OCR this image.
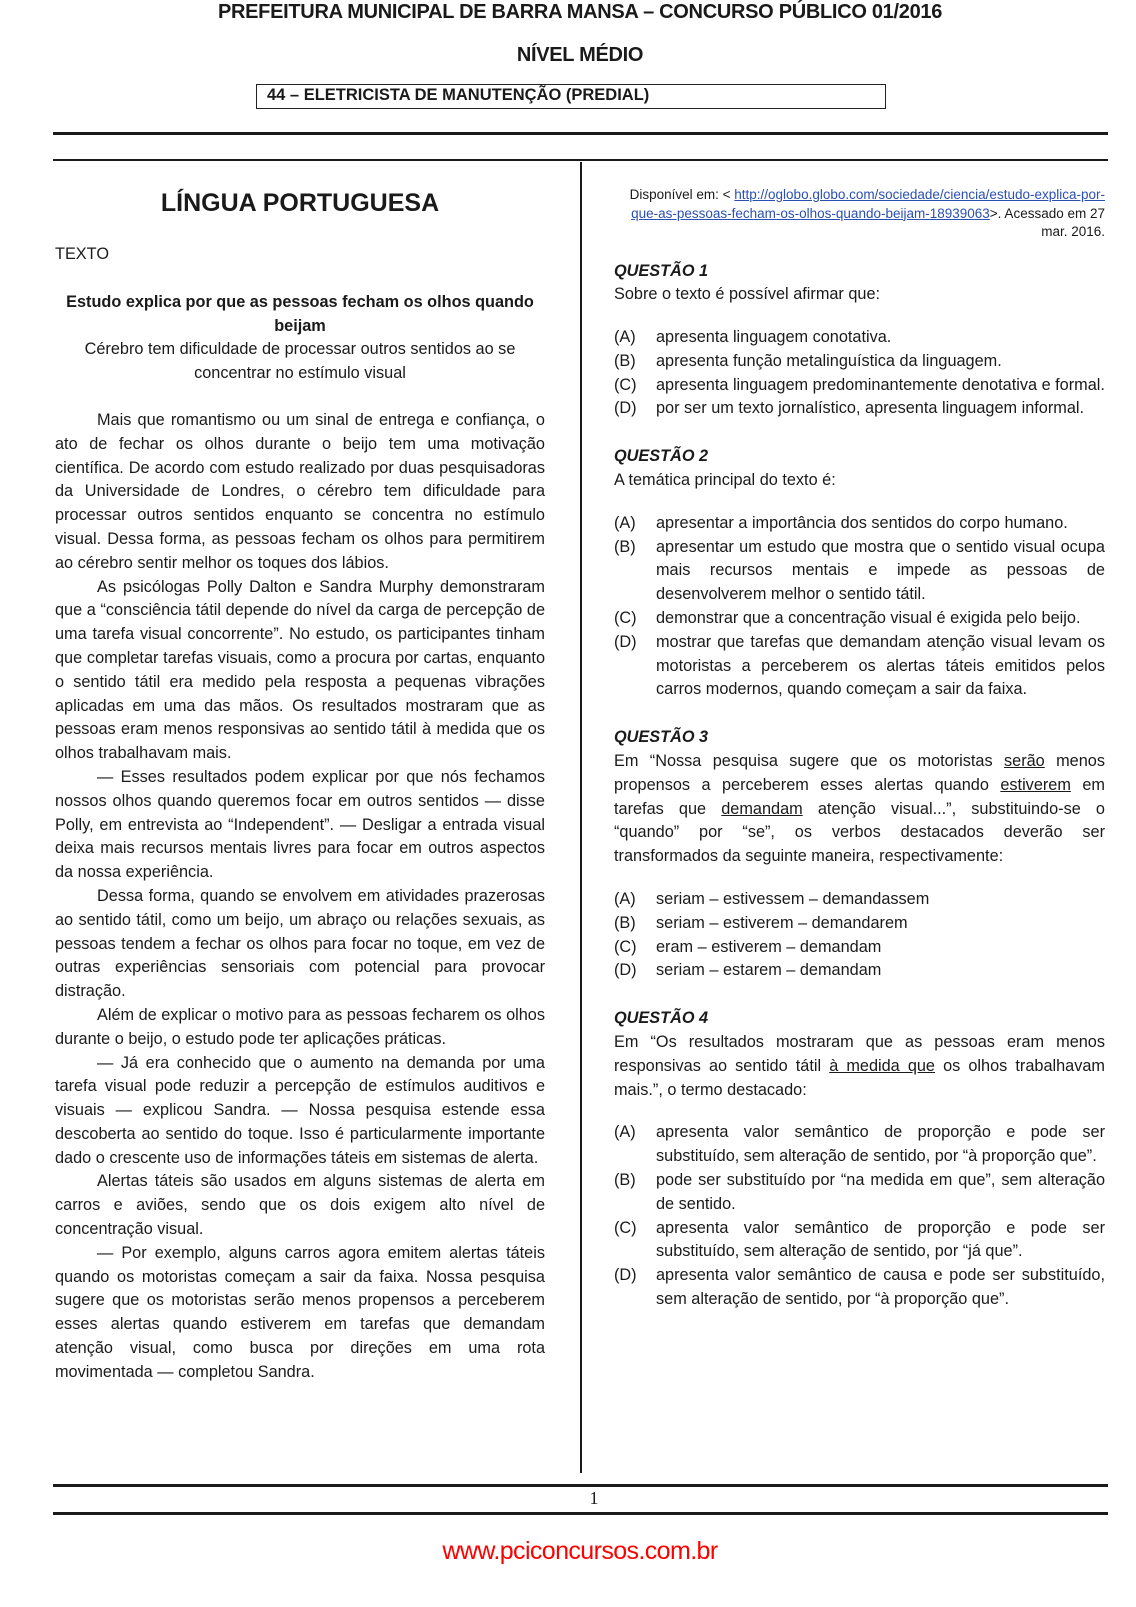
PREFEITURA MUNICIPAL DE BARRA MANSA – CONCURSO PÚBLICO 01/2016
NÍVEL MÉDIO
44 – ELETRICISTA DE MANUTENÇÃO (PREDIAL)
LÍNGUA PORTUGUESA
TEXTO
Estudo explica por que as pessoas fecham os olhos quando beijam
Cérebro tem dificuldade de processar outros sentidos ao se concentrar no estímulo visual

Mais que romantismo ou um sinal de entrega e confiança, o ato de fechar os olhos durante o beijo tem uma motivação científica. De acordo com estudo realizado por duas pesquisadoras da Universidade de Londres, o cérebro tem dificuldade para processar outros sentidos enquanto se concentra no estímulo visual. Dessa forma, as pessoas fecham os olhos para permitirem ao cérebro sentir melhor os toques dos lábios.

As psicólogas Polly Dalton e Sandra Murphy demonstraram que a “consciência tátil depende do nível da carga de percepção de uma tarefa visual concorrente”. No estudo, os participantes tinham que completar tarefas visuais, como a procura por cartas, enquanto o sentido tátil era medido pela resposta a pequenas vibrações aplicadas em uma das mãos. Os resultados mostraram que as pessoas eram menos responsivas ao sentido tátil à medida que os olhos trabalhavam mais.

— Esses resultados podem explicar por que nós fechamos nossos olhos quando queremos focar em outros sentidos — disse Polly, em entrevista ao “Independent”. — Desligar a entrada visual deixa mais recursos mentais livres para focar em outros aspectos da nossa experiência.

Dessa forma, quando se envolvem em atividades prazerosas ao sentido tátil, como um beijo, um abraço ou relações sexuais, as pessoas tendem a fechar os olhos para focar no toque, em vez de outras experiências sensoriais com potencial para provocar distração.

Além de explicar o motivo para as pessoas fecharem os olhos durante o beijo, o estudo pode ter aplicações práticas.

— Já era conhecido que o aumento na demanda por uma tarefa visual pode reduzir a percepção de estímulos auditivos e visuais — explicou Sandra. — Nossa pesquisa estende essa descoberta ao sentido do toque. Isso é particularmente importante dado o crescente uso de informações táteis em sistemas de alerta.

Alertas táteis são usados em alguns sistemas de alerta em carros e aviões, sendo que os dois exigem alto nível de concentração visual.

— Por exemplo, alguns carros agora emitem alertas táteis quando os motoristas começam a sair da faixa. Nossa pesquisa sugere que os motoristas serão menos propensos a perceberem esses alertas quando estiverem em tarefas que demandam atenção visual, como busca por direções em uma rota movimentada — completou Sandra.

Disponível em: < http://oglobo.globo.com/sociedade/ciencia/estudo-explica-por-que-as-pessoas-fecham-os-olhos-quando-beijam-18939063>. Acessado em 27 mar. 2016.
QUESTÃO 1
Sobre o texto é possível afirmar que:
(A)	apresenta linguagem conotativa.
(B)	apresenta função metalinguística da linguagem.
(C)	apresenta linguagem predominantemente denotativa e formal.
(D)	por ser um texto jornalístico, apresenta linguagem informal.
QUESTÃO 2
A temática principal do texto é:
(A)	apresentar a importância dos sentidos do corpo humano.
(B)	apresentar um estudo que mostra que o sentido visual ocupa mais recursos mentais e impede as pessoas de desenvolverem melhor o sentido tátil.
(C)	demonstrar que a concentração visual é exigida pelo beijo.
(D)	mostrar que tarefas que demandam atenção visual levam os motoristas a perceberem os alertas táteis emitidos pelos carros modernos, quando começam a sair da faixa.
QUESTÃO 3
Em “Nossa pesquisa sugere que os motoristas serão menos propensos a perceberem esses alertas quando estiverem em tarefas que demandam atenção visual...”, substituindo-se o “quando” por “se”, os verbos destacados deverão ser transformados da seguinte maneira, respectivamente:
(A)	seriam – estivessem – demandassem
(B)	seriam – estiverem – demandarem
(C)	eram – estiverem – demandam
(D)	seriam – estarem – demandam
QUESTÃO 4
Em “Os resultados mostraram que as pessoas eram menos responsivas ao sentido tátil à medida que os olhos trabalhavam mais.”, o termo destacado:
(A)	apresenta valor semântico de proporção e pode ser substituído, sem alteração de sentido, por “à proporção que”.
(B)	pode ser substituído por “na medida em que”, sem alteração de sentido.
(C)	apresenta valor semântico de proporção e pode ser substituído, sem alteração de sentido, por “já que”.
(D)	apresenta valor semântico de causa e pode ser substituído, sem alteração de sentido, por “à proporção que”.
1
www.pciconcursos.com.br
